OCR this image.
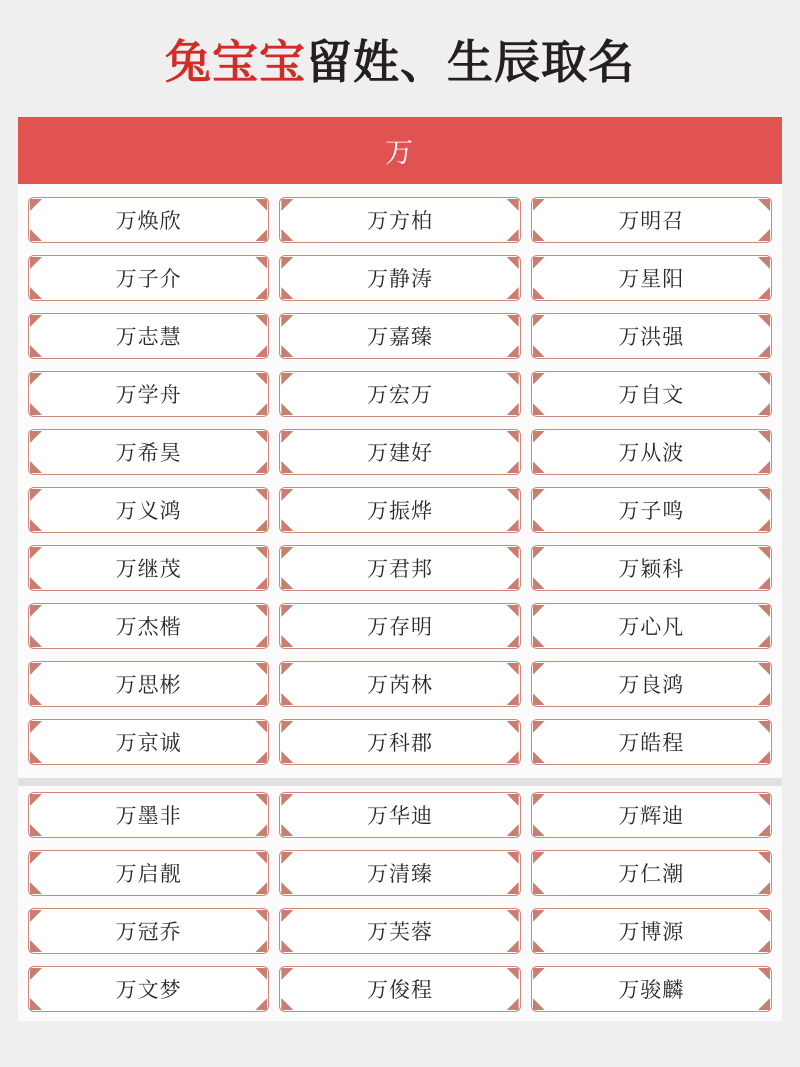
兔宝宝留姓、生辰取名
万
万焕欣	万方柏	万明召
万子介	万静涛	万星阳
万志慧	万嘉臻	万洪强
万学舟	万宏万	万自文
万希昊	万建好	万从波
万义鸿	万振烨	万子鸣
万继茂	万君邦	万颖科
万杰楷	万存明	万心凡
万思彬	万芮林	万良鸿
万京诚	万科郡	万皓程
万墨非	万华迪	万辉迪
万启靓	万清臻	万仁潮
万冠乔	万芙蓉	万博源
万文梦	万俊程	万骏麟
